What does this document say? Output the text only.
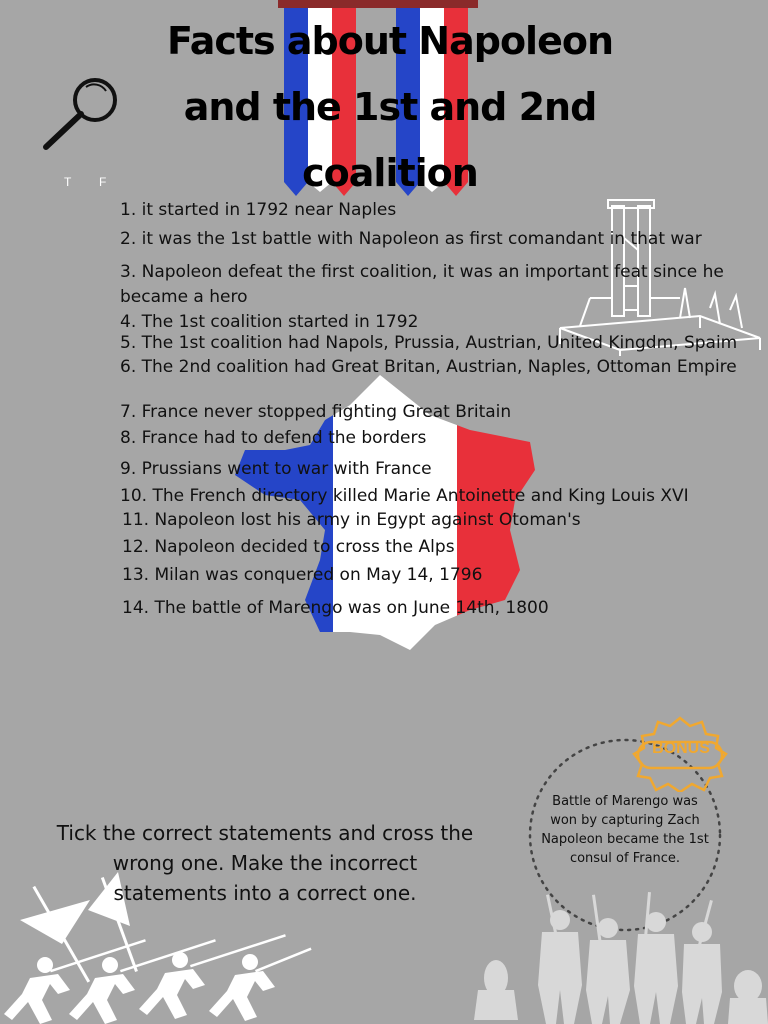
Facts about Napoleon
and the 1st and 2nd
coalition
T F
1. it started in 1792 near Naples
2. it was the 1st battle with Napoleon as first comandant in that war
3. Napoleon defeat the first coalition, it was an important feat since he became a hero
4. The 1st coalition started in 1792
5. The 1st coalition had Napols, Prussia, Austrian, United Kingdm, Spaim
6. The 2nd coalition had Great Britan, Austrian, Naples, Ottoman Empire
7. France never stopped fighting Great Britain
8. France had to defend the borders
9. Prussians went to war with France
10. The French directory killed Marie Antoinette and King Louis XVI
11. Napoleon lost his army in Egypt against Otoman's
12. Napoleon decided to cross the Alps
13. Milan was conquered on May 14, 1796
14. The battle of Marengo was on June 14th, 1800
Tick the correct statements and cross the wrong one. Make the incorrect statements into a correct one.
BONUS
Battle of Marengo was won by capturing Zach Napoleon became the 1st consul of France.
